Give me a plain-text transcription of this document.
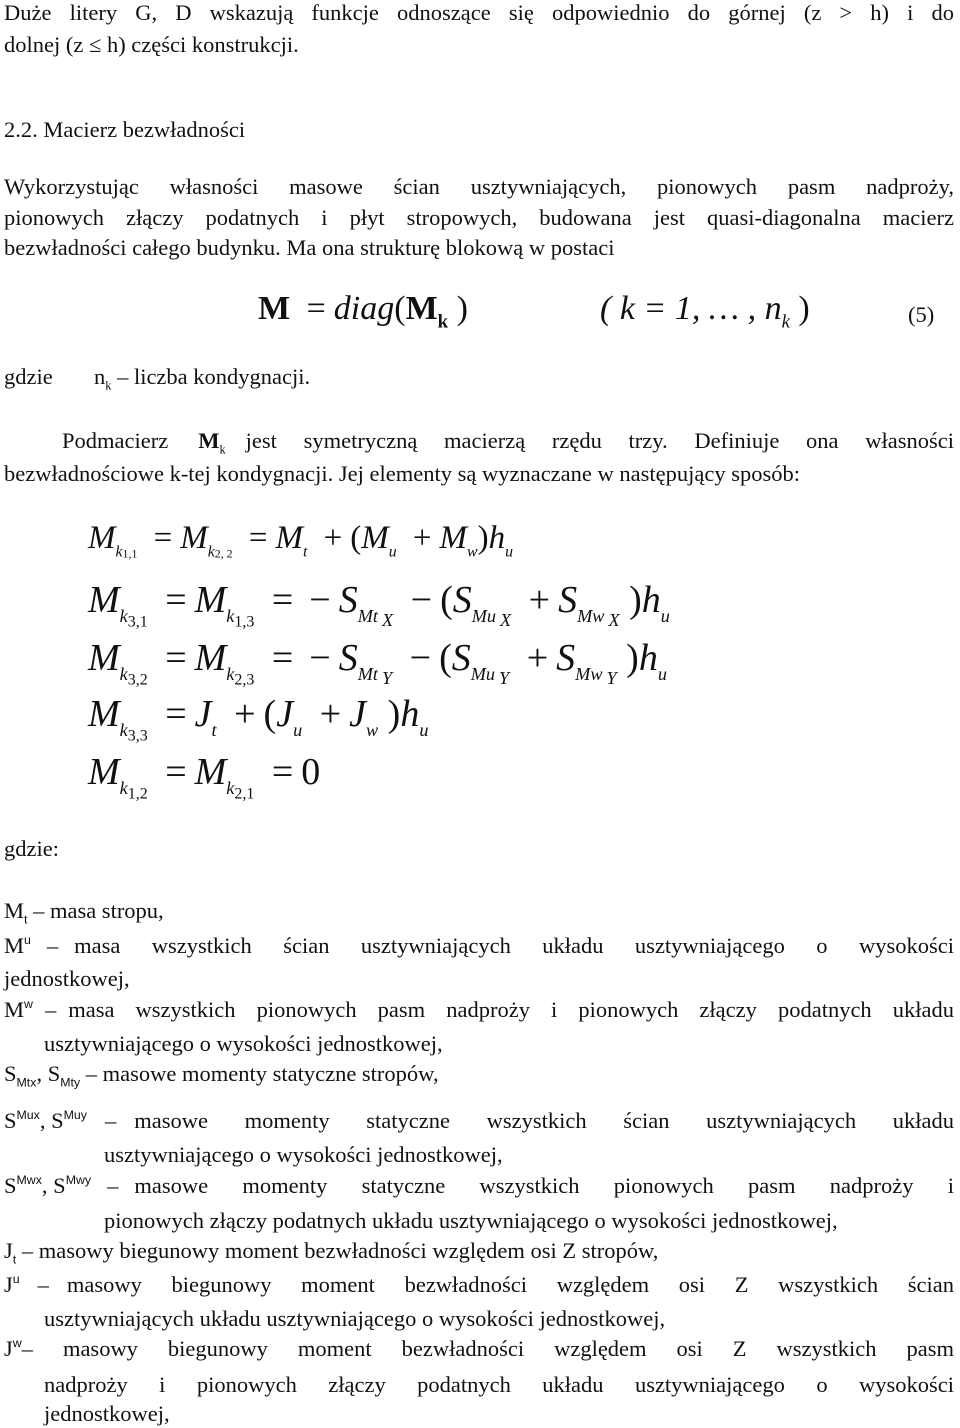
Duże litery G, D wskazują funkcje odnoszące się odpowiednio do górnej (z > h) i do
dolnej (z ≤ h) części konstrukcji.
2.2. Macierz bezwładności
Wykorzystując własności masowe ścian usztywniających, pionowych pasm nadproży,
pionowych złączy podatnych i płyt stropowych, budowana jest quasi-diagonalna macierz
bezwładności całego budynku. Ma ona strukturę blokową w postaci
$M = diag(M_k$ )	( k = 1, … , $n_k$ )	(5)
gdzie $n_k$ – liczba kondygnacji.
Podmacierz $M_k$ jest symetryczną macierzą rzędu trzy. Definiuje ona własności
bezwładnościowe k-tej kondygnacji. Jej elementy są wyznaczane w następujący sposób:
$M_{k1,1} = M_{k2, 2} = M_t + (M_u + M_w)h_u$
$M_{k3,1} = M_{k1,3}$ = − $S_{Mt}$ $_X - (S_{Mu}$ $_X + S_{Mw}$ $_X$ )$h_u$
$M_{k3,2} = M_{k2,3}$ = − $S_{Mt}$ $_Y - (S_{Mu}$ $_Y + S_{Mw}$ $_Y$ )$h_u$
$M_{k3,3} = J_t + (J_u + J_w$ )$h_u$
$M_{k1,2} = M_{k2,1} = 0$
gdzie:
$M_t$ – masa stropu,
M u – masa wszystkich ścian usztywniających układu usztywniającego o wysokości
jednostkowej,
M w – masa wszystkich pionowych pasm nadproży i pionowych złączy podatnych układu
usztywniającego o wysokości jednostkowej,
$S_{Mtx}$, $S_{Mty}$ – masowe momenty statyczne stropów,
S Mux , S Muy – masowe momenty statyczne wszystkich ścian usztywniających układu
usztywniającego o wysokości jednostkowej,
S Mwx , S Mwy – masowe momenty statyczne wszystkich pionowych pasm nadproży i
pionowych złączy podatnych układu usztywniającego o wysokości jednostkowej,
$J_t$ – masowy biegunowy moment bezwładności względem osi Z stropów,
J u – masowy biegunowy moment bezwładności względem osi Z wszystkich ścian
usztywniających układu usztywniającego o wysokości jednostkowej,
J w – masowy biegunowy moment bezwładności względem osi Z wszystkich pasm
nadproży i pionowych złączy podatnych układu usztywniającego o wysokości
jednostkowej,
